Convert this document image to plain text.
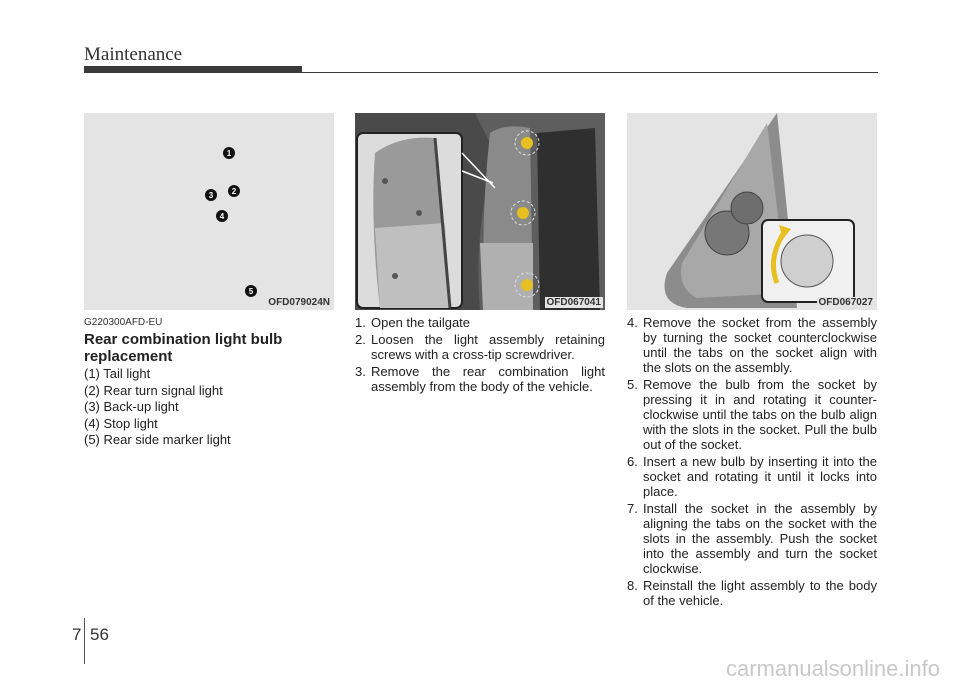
Maintenance
1
2
3
4
5
OFD079024N	OFD067041	OFD067027
G220300AFD-EU
Rear combination light bulb replacement
(1) Tail light
(2) Rear turn signal light
(3) Back-up light
(4) Stop light
(5) Rear side marker light
1. Open the tailgate
2. Loosen the light assembly retaining screws with a cross-tip screwdriver.
3. Remove the rear combination light assembly from the body of the vehicle.
4. Remove the socket from the assembly by turning the socket counterclockwise until the tabs on the socket align with the slots on the assembly.
5. Remove the bulb from the socket by pressing it in and rotating it counter-clockwise until the tabs on the bulb align with the slots in the socket. Pull the bulb out of the socket.
6. Insert a new bulb by inserting it into the socket and rotating it until it locks into place.
7. Install the socket in the assembly by aligning the tabs on the socket with the slots in the assembly. Push the socket into the assembly and turn the socket clockwise.
8. Reinstall the light assembly to the body of the vehicle.
7 56
carmanualsonline.info
